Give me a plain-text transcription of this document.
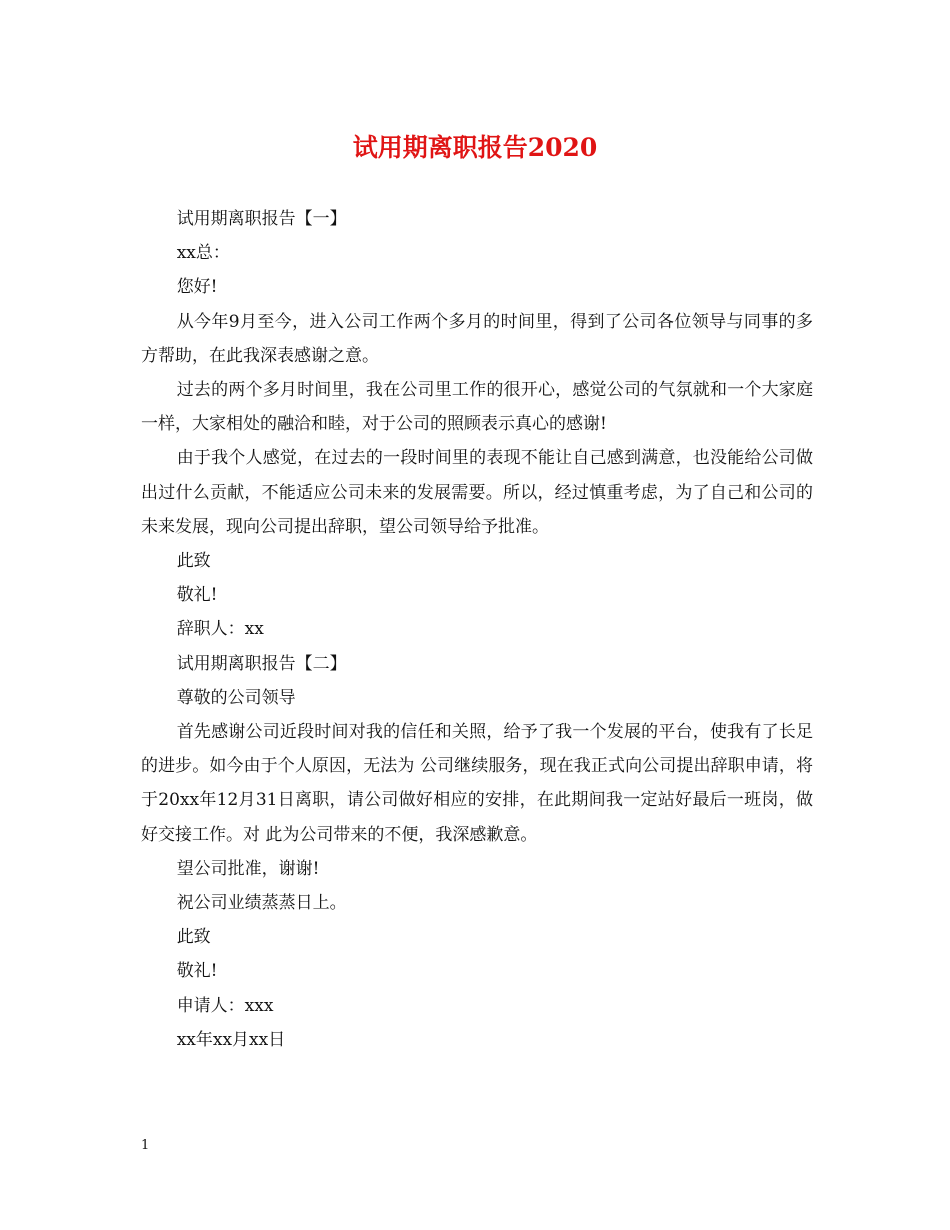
试用期离职报告2020

试用期离职报告【一】

xx总：

您好!

从今年9月至今，进入公司工作两个多月的时间里，得到了公司各位领导与同事的多方帮助，在此我深表感谢之意。

过去的两个多月时间里，我在公司里工作的很开心，感觉公司的气氛就和一个大家庭一样，大家相处的融洽和睦，对于公司的照顾表示真心的感谢!

由于我个人感觉，在过去的一段时间里的表现不能让自己感到满意，也没能给公司做出过什么贡献，不能适应公司未来的发展需要。所以，经过慎重考虑，为了自己和公司的未来发展，现向公司提出辞职，望公司领导给予批准。

此致

敬礼!

辞职人：xx

试用期离职报告【二】

尊敬的公司领导

首先感谢公司近段时间对我的信任和关照，给予了我一个发展的平台，使我有了长足的进步。如今由于个人原因，无法为 公司继续服务，现在我正式向公司提出辞职申请，将于20xx年12月31日离职，请公司做好相应的安排，在此期间我一定站好最后一班岗，做好交接工作。对 此为公司带来的不便，我深感歉意。

望公司批准，谢谢!

祝公司业绩蒸蒸日上。

此致

敬礼!

申请人：xxx

xx年xx月xx日

1
